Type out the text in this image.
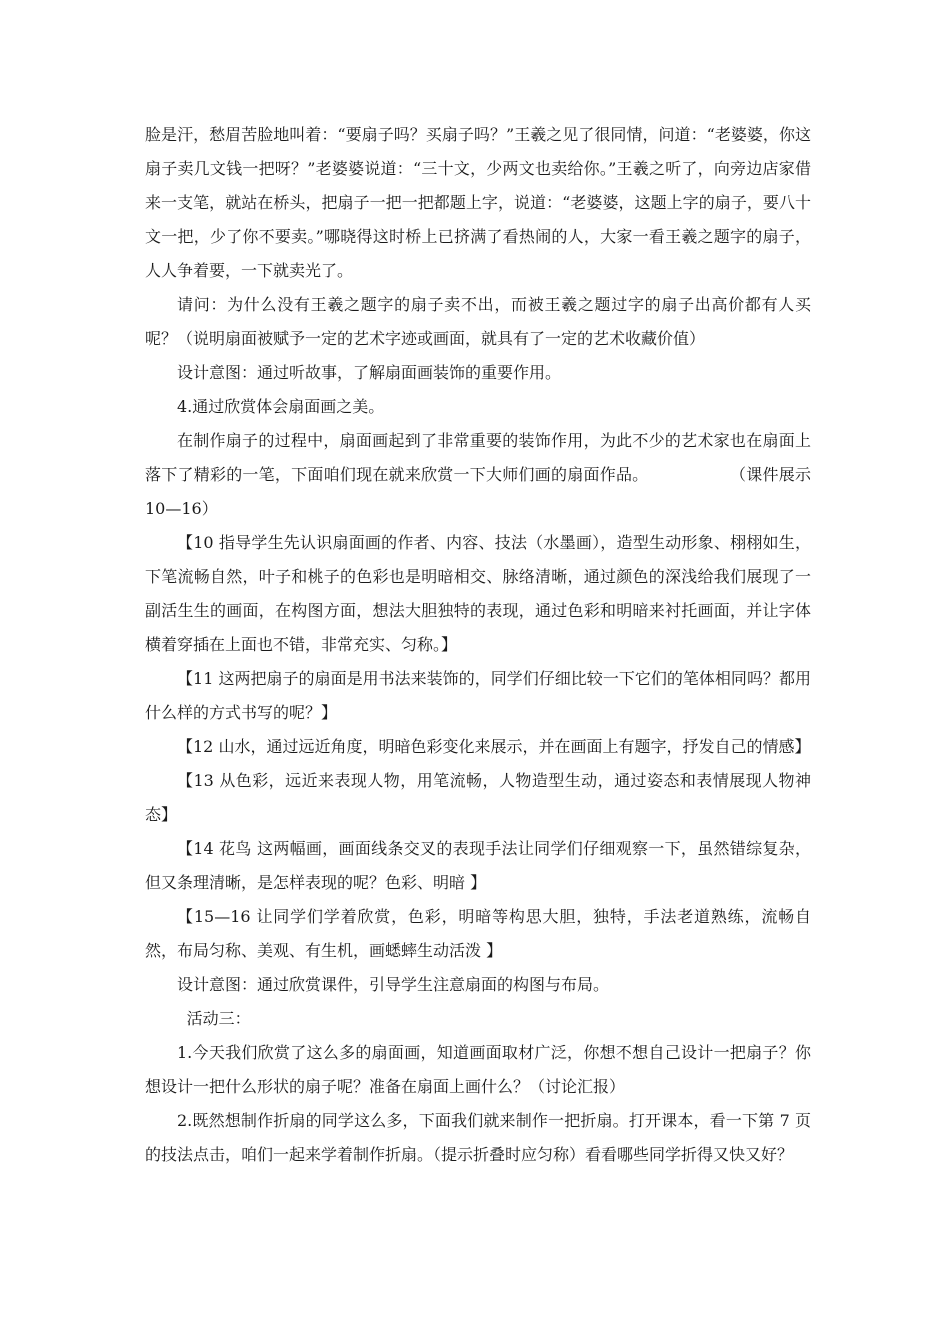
脸是汗，愁眉苦脸地叫着：“要扇子吗？买扇子吗？”王羲之见了很同情，问道：“老婆婆，你这扇子卖几文钱一把呀？”老婆婆说道：“三十文，少两文也卖给你。”王羲之听了，向旁边店家借来一支笔，就站在桥头，把扇子一把一把都题上字，说道：“老婆婆，这题上字的扇子，要八十文一把，少了你不要卖。”哪晓得这时桥上已挤满了看热闹的人，大家一看王羲之题字的扇子，人人争着要，一下就卖光了。

请问：为什么没有王羲之题字的扇子卖不出，而被王羲之题过字的扇子出高价都有人买呢？（说明扇面被赋予一定的艺术字迹或画面，就具有了一定的艺术收藏价值）

设计意图：通过听故事，了解扇面画装饰的重要作用。

4.通过欣赏体会扇面画之美。

在制作扇子的过程中，扇面画起到了非常重要的装饰作用，为此不少的艺术家也在扇面上落下了精彩的一笔，下面咱们现在就来欣赏一下大师们画的扇面作品。	（课件展示 10—16）

【10 指导学生先认识扇面画的作者、内容、技法（水墨画），造型生动形象、栩栩如生，下笔流畅自然，叶子和桃子的色彩也是明暗相交、脉络清晰，通过颜色的深浅给我们展现了一副活生生的画面，在构图方面，想法大胆独特的表现，通过色彩和明暗来衬托画面，并让字体横着穿插在上面也不错，非常充实、匀称。】

【11 这两把扇子的扇面是用书法来装饰的，同学们仔细比较一下它们的笔体相同吗？都用什么样的方式书写的呢？】

【12 山水，通过远近角度，明暗色彩变化来展示，并在画面上有题字，抒发自己的情感】

【13 从色彩，远近来表现人物，用笔流畅，人物造型生动，通过姿态和表情展现人物神态】

【14 花鸟 这两幅画，画面线条交叉的表现手法让同学们仔细观察一下，虽然错综复杂，但又条理清晰，是怎样表现的呢？色彩、明暗 】

【15—16 让同学们学着欣赏，色彩，明暗等构思大胆，独特，手法老道熟练，流畅自然，布局匀称、美观、有生机，画蟋蟀生动活泼 】

设计意图：通过欣赏课件，引导学生注意扇面的构图与布局。

活动三：

1.今天我们欣赏了这么多的扇面画，知道画面取材广泛，你想不想自己设计一把扇子？你想设计一把什么形状的扇子呢？准备在扇面上画什么？（讨论汇报）

2.既然想制作折扇的同学这么多，下面我们就来制作一把折扇。打开课本，看一下第 7 页的技法点击，咱们一起来学着制作折扇。（提示折叠时应匀称）看看哪些同学折得又快又好？
